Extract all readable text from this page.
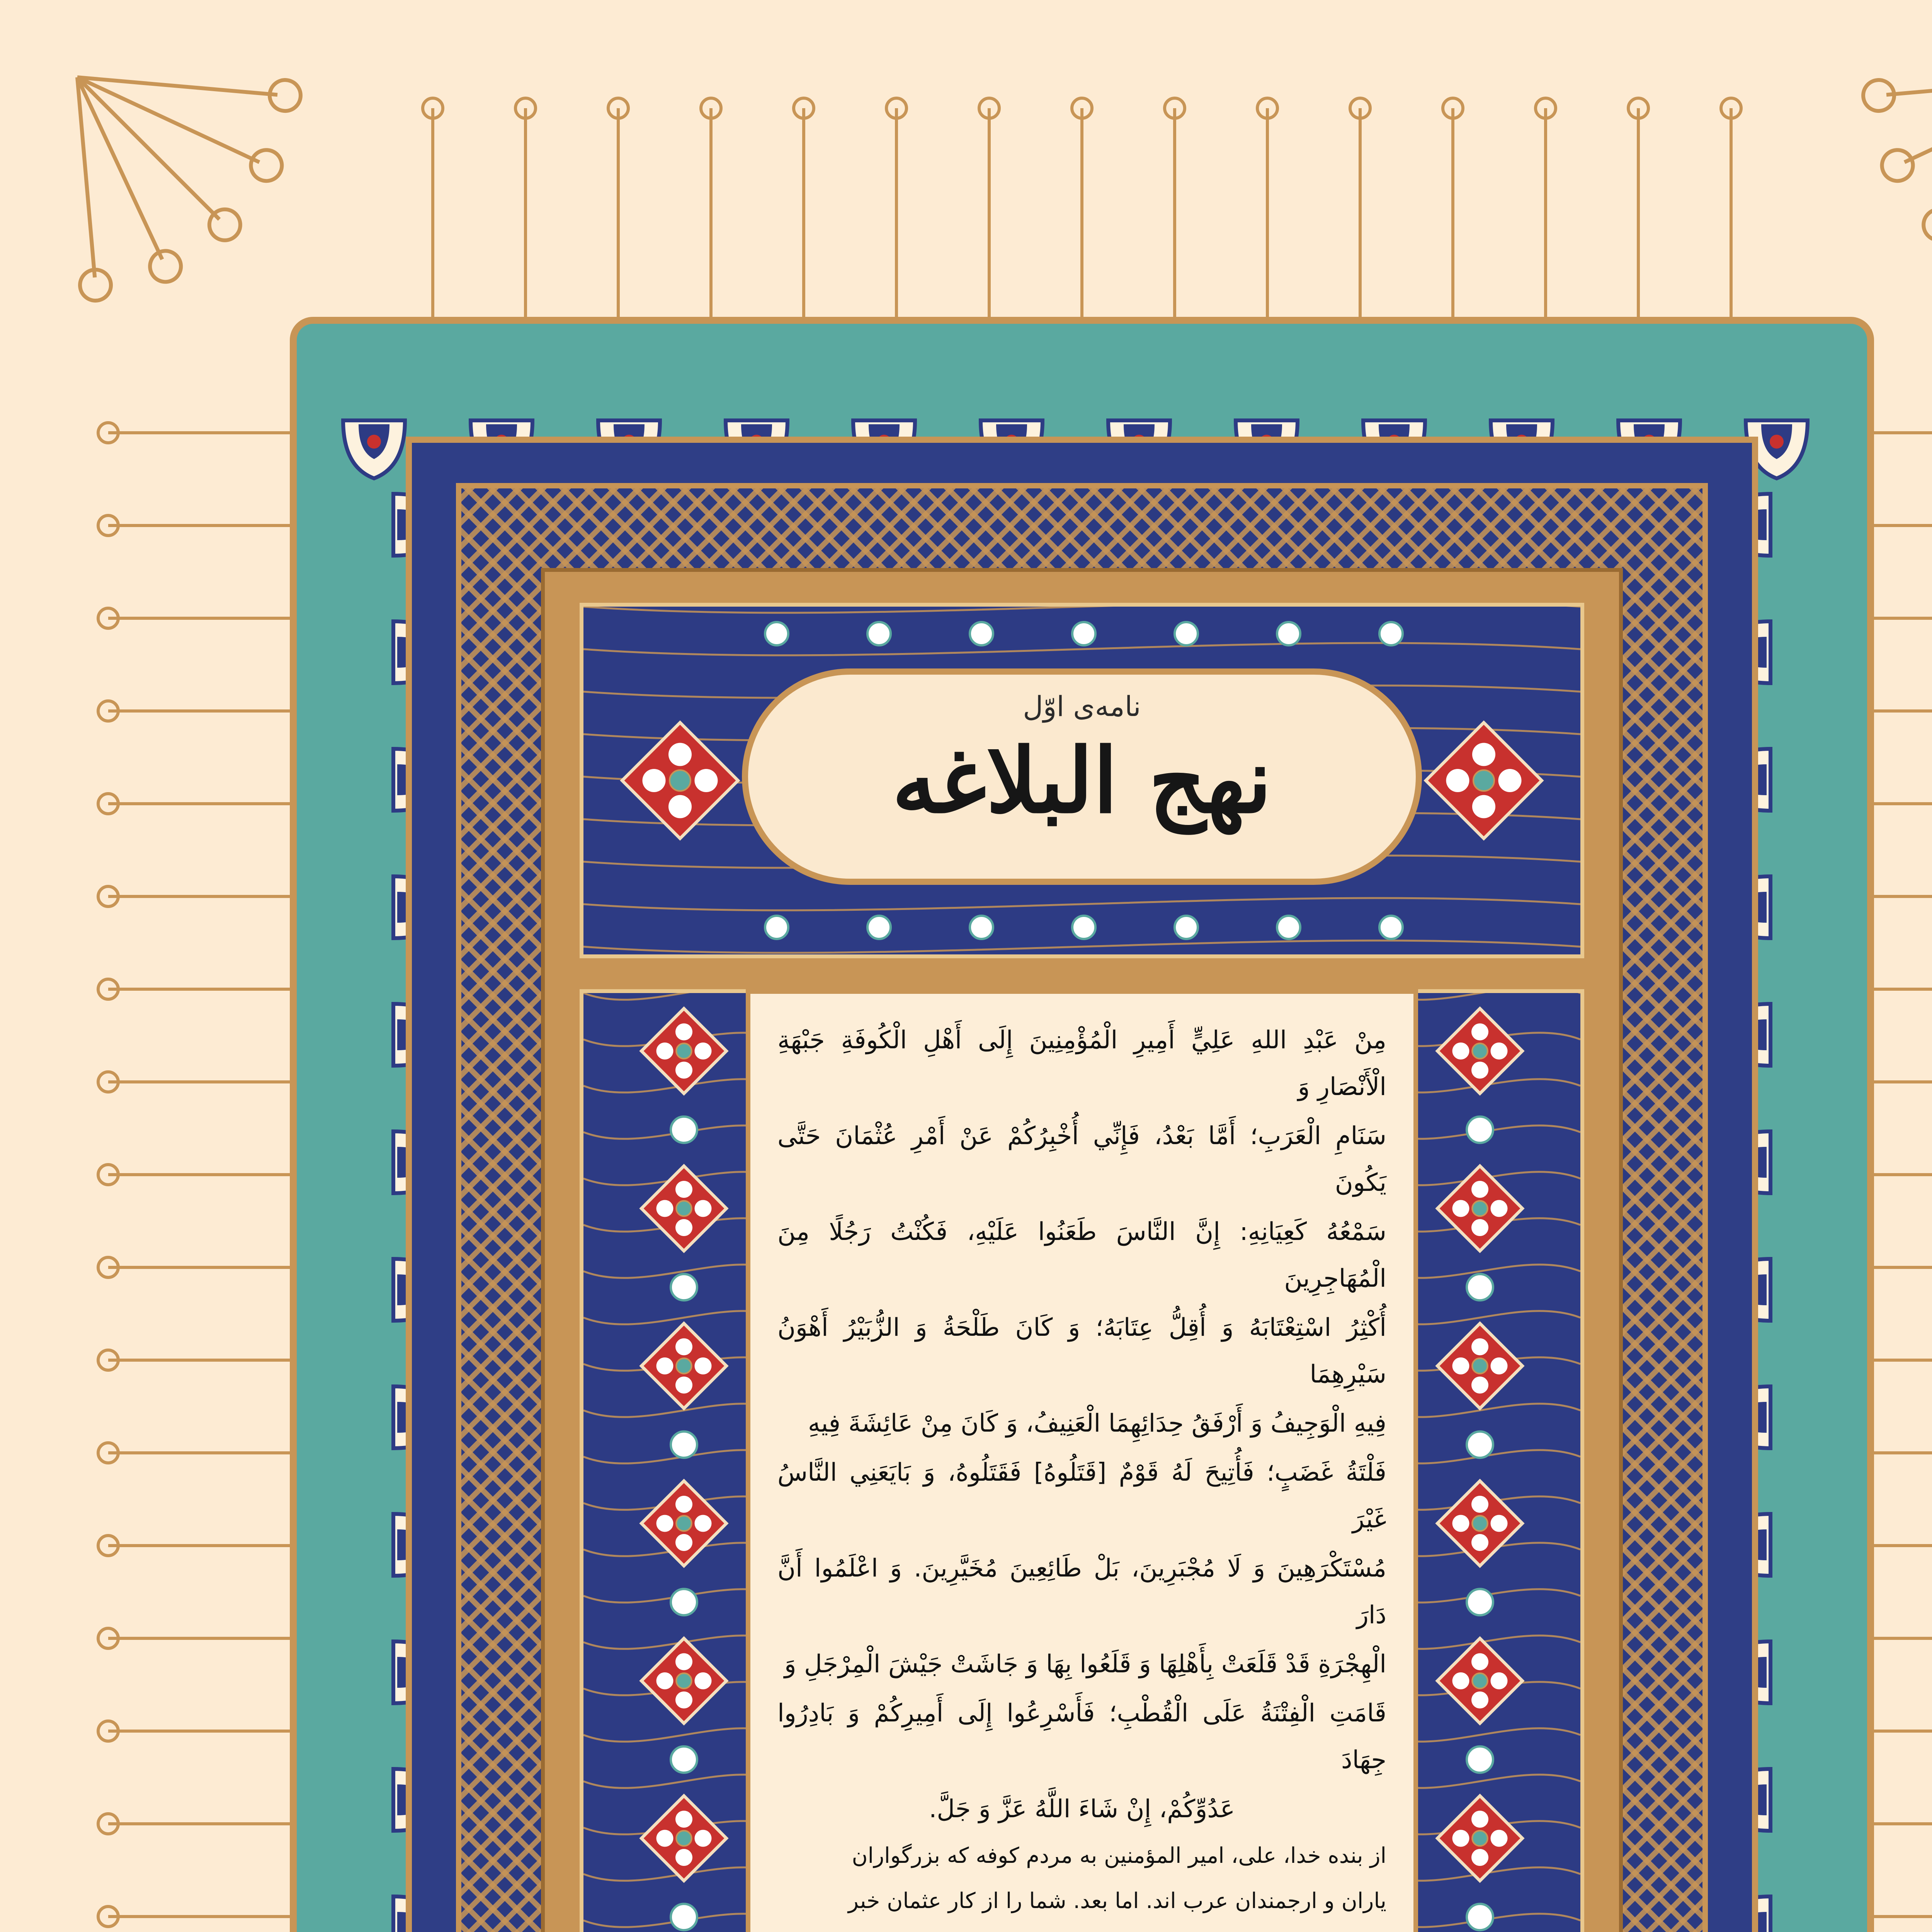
نامه‌ی اوّل
نهج البلاغه

مِنْ عَبْدِ اللهِ عَلِيٍّ أَمِيرِ الْمُؤْمِنِينَ إِلَى أَهْلِ الْكُوفَةِ جَبْهَةِ الْأَنْصَارِ وَ

سَنَامِ الْعَرَبِ؛ أَمَّا بَعْدُ، فَإِنِّي أُخْبِرُكُمْ عَنْ أَمْرِ عُثْمَانَ حَتَّى يَكُونَ

سَمْعُهُ كَعِيَانِهِ: إِنَّ النَّاسَ طَعَنُوا عَلَيْهِ، فَكُنْتُ رَجُلًا مِنَ الْمُهَاجِرِينَ

أُكْثِرُ اسْتِعْتَابَهُ وَ أُقِلُّ عِتَابَهُ؛ وَ كَانَ طَلْحَةُ وَ الزُّبَيْرُ أَهْوَنُ سَيْرِهِمَا

فِيهِ الْوَجِيفُ وَ أَرْفَقُ حِدَائِهِمَا الْعَنِيفُ، وَ كَانَ مِنْ عَائِشَةَ فِيهِ

فَلْتَةُ غَضَبٍ؛ فَأُتِيحَ لَهُ قَوْمٌ [قَتَلُوهُ] فَقَتَلُوهُ، وَ بَايَعَنِي النَّاسُ غَيْرَ

مُسْتَكْرَهِينَ وَ لَا مُجْبَرِينَ، بَلْ طَائِعِينَ مُخَيَّرِينَ. وَ اعْلَمُوا أَنَّ دَارَ

الْهِجْرَةِ قَدْ قَلَعَتْ بِأَهْلِهَا وَ قَلَعُوا بِهَا وَ جَاشَتْ جَيْشَ الْمِرْجَلِ وَ

قَامَتِ الْفِتْنَةُ عَلَى الْقُطْبِ؛ فَأَسْرِعُوا إِلَى أَمِيرِكُمْ وَ بَادِرُوا جِهَادَ

عَدُوِّكُمْ، إِنْ شَاءَ اللَّهُ عَزَّ وَ جَلَّ.

از بنده خدا، علی، امیر المؤمنین به مردم کوفه که بزرگواران

یاران و ارجمندان عرب اند. اما بعد. شما را از کار عثمان خبر
